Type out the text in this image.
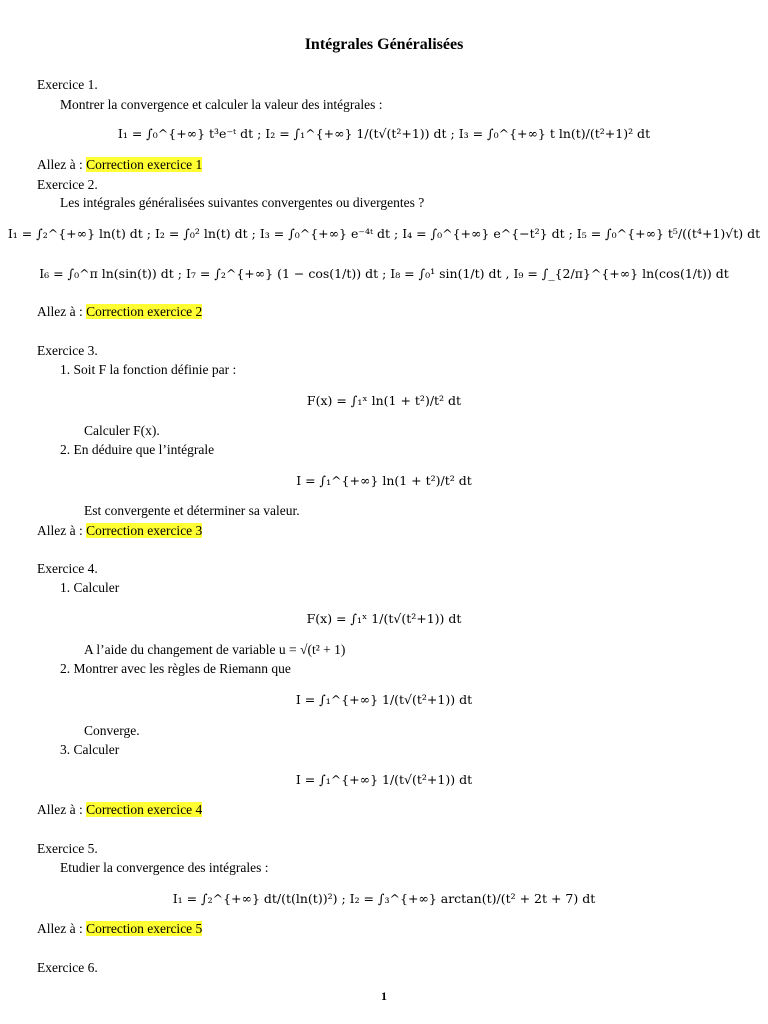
Intégrales Généralisées
Exercice 1.
Montrer la convergence et calculer la valeur des intégrales :
I₁ = ∫₀^{+∞} t³e⁻ᵗ dt ; I₂ = ∫₁^{+∞} 1/(t√(t²+1)) dt ; I₃ = ∫₀^{+∞} t ln(t)/(t²+1)² dt
Allez à : Correction exercice 1
Exercice 2.
Les intégrales généralisées suivantes convergentes ou divergentes ?
I₁ = ∫₂^{+∞} ln(t) dt ; I₂ = ∫₀² ln(t) dt ; I₃ = ∫₀^{+∞} e⁻⁴ᵗ dt ; I₄ = ∫₀^{+∞} e^{−t²} dt ; I₅ = ∫₀^{+∞} t⁵/((t⁴+1)√t) dt
I₆ = ∫₀^π ln(sin(t)) dt ; I₇ = ∫₂^{+∞} (1 − cos(1/t)) dt ; I₈ = ∫₀¹ sin(1/t) dt , I₉ = ∫_{2/π}^{+∞} ln(cos(1/t)) dt
Allez à : Correction exercice 2
Exercice 3.
1. Soit F la fonction définie par :
F(x) = ∫₁ˣ ln(1 + t²)/t² dt
Calculer F(x).
2. En déduire que l’intégrale
I = ∫₁^{+∞} ln(1 + t²)/t² dt
Est convergente et déterminer sa valeur.
Allez à : Correction exercice 3
Exercice 4.
1. Calculer
F(x) = ∫₁ˣ 1/(t√(t²+1)) dt
A l’aide du changement de variable u = √(t² + 1)
2. Montrer avec les règles de Riemann que
I = ∫₁^{+∞} 1/(t√(t²+1)) dt
Converge.
3. Calculer
I = ∫₁^{+∞} 1/(t√(t²+1)) dt
Allez à : Correction exercice 4
Exercice 5.
Etudier la convergence des intégrales :
I₁ = ∫₂^{+∞} dt/(t(ln(t))²) ; I₂ = ∫₃^{+∞} arctan(t)/(t² + 2t + 7) dt
Allez à : Correction exercice 5
Exercice 6.
1
